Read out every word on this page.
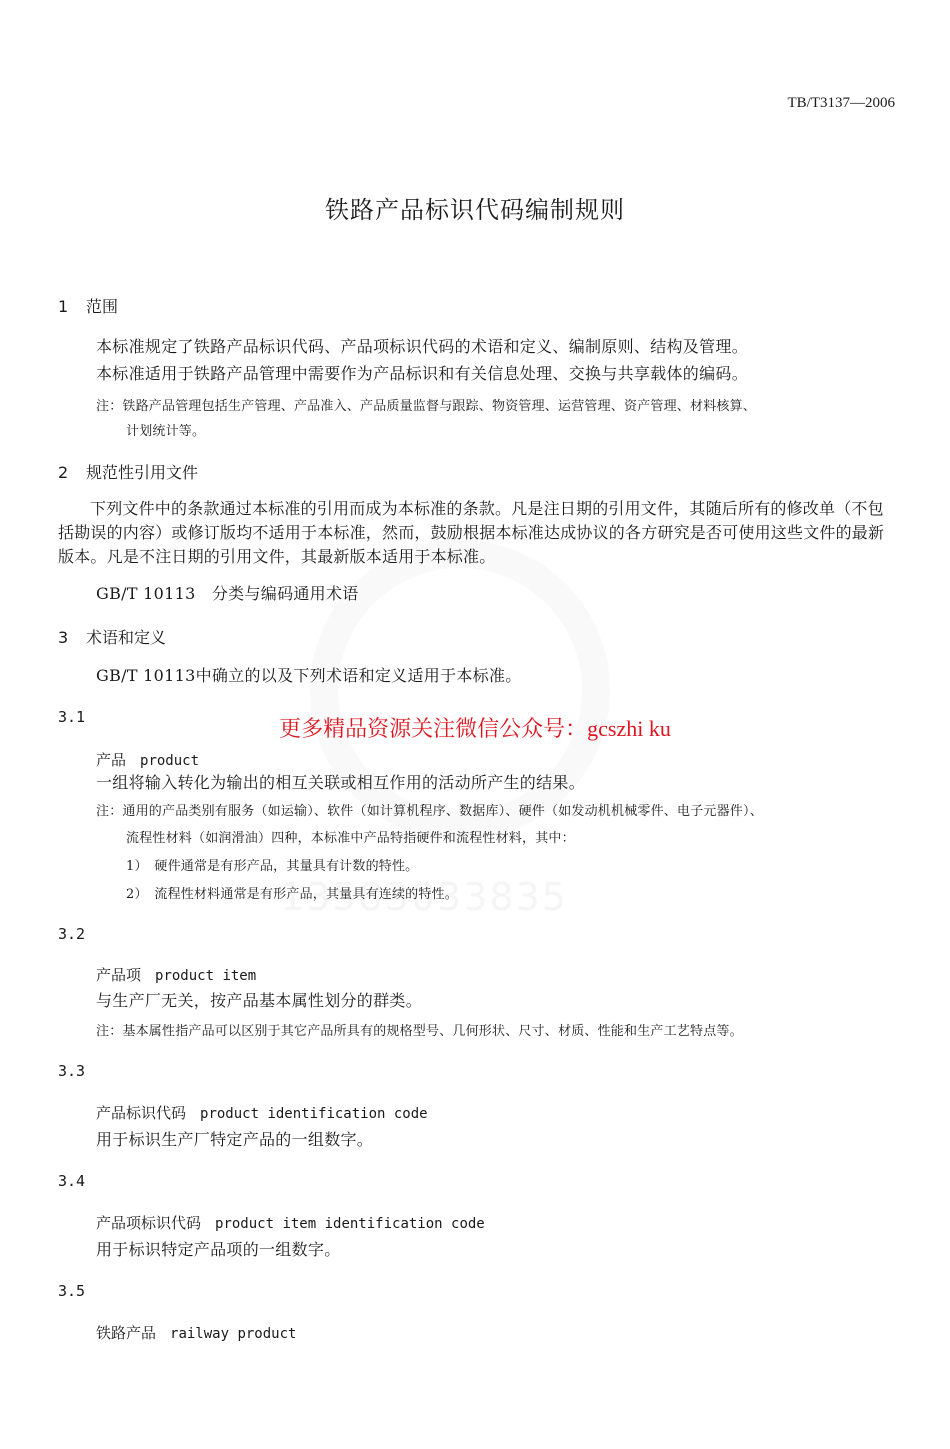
TB/T3137—2006
铁路产品标识代码编制规则
1 范围
本标准规定了铁路产品标识代码、产品项标识代码的术语和定义、编制原则、结构及管理。
本标准适用于铁路产品管理中需要作为产品标识和有关信息处理、交换与共享载体的编码。
注：铁路产品管理包括生产管理、产品准入、产品质量监督与跟踪、物资管理、运营管理、资产管理、材料核算、
计划统计等。
2 规范性引用文件
下列文件中的条款通过本标准的引用而成为本标准的条款。凡是注日期的引用文件，其随后所有的修改单（不包括勘误的内容）或修订版均不适用于本标准，然而，鼓励根据本标准达成协议的各方研究是否可使用这些文件的最新版本。凡是不注日期的引用文件，其最新版本适用于本标准。
GB/T 10113　分类与编码通用术语
3 术语和定义
GB/T 10113中确立的以及下列术语和定义适用于本标准。
3.1	更多精品资源关注微信公众号：gcszhi ku
产品 product
一组将输入转化为输出的相互关联或相互作用的活动所产生的结果。
注：通用的产品类别有服务（如运输）、软件（如计算机程序、数据库）、硬件（如发动机机械零件、电子元器件）、
流程性材料（如润滑油）四种，本标准中产品特指硬件和流程性材料，其中：
1）　硬件通常是有形产品，其量具有计数的特性。
2）　流程性材料通常是有形产品，其量具有连续的特性。
3.2
产品项 product item
与生产厂无关，按产品基本属性划分的群类。
注：基本属性指产品可以区别于其它产品所具有的规格型号、几何形状、尺寸、材质、性能和生产工艺特点等。
3.3
产品标识代码 product identification code
用于标识生产厂特定产品的一组数字。
3.4
产品项标识代码 product item identification code
用于标识特定产品项的一组数字。
3.5
铁路产品 railway product
